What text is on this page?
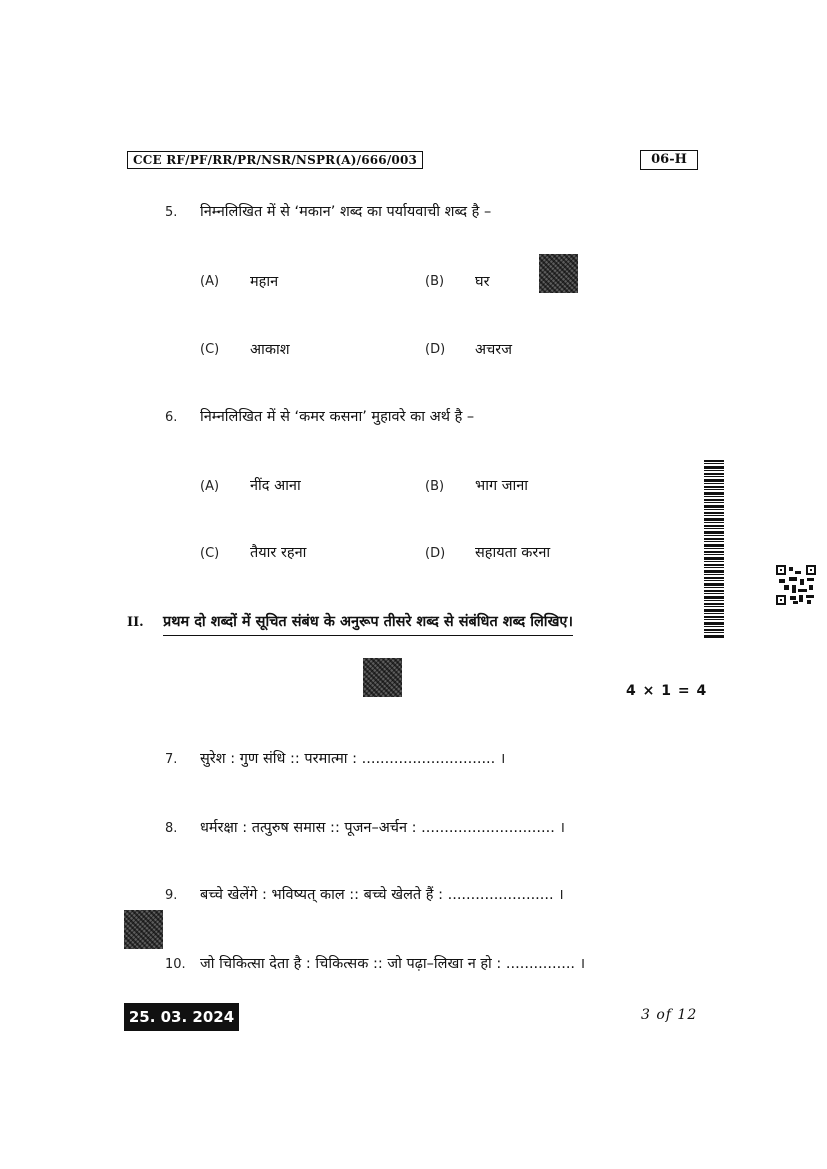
CCE RF/PF/RR/PR/NSR/NSPR(A)/666/003	06-H
5. निम्नलिखित में से ‘मकान’ शब्द का पर्यायवाची शब्द है –
(A) महान	(B) घर
(C) आकाश	(D) अचरज
6. निम्नलिखित में से ‘कमर कसना’ मुहावरे का अर्थ है –
(A) नींद आना	(B) भाग जाना
(C) तैयार रहना	(D) सहायता करना
II. प्रथम दो शब्दों में सूचित संबंध के अनुरूप तीसरे शब्द से संबंधित शब्द लिखिए।
4 × 1 = 4
7. सुरेश : गुण संधि :: परमात्मा : ............................. ।
8. धर्मरक्षा : तत्पुरुष समास :: पूजन–अर्चन : ............................. ।
9. बच्चे खेलेंगे : भविष्यत् काल :: बच्चे खेलते हैं : ....................... ।
10. जो चिकित्सा देता है : चिकित्सक :: जो पढ़ा–लिखा न हो : ............... ।
25. 03. 2024	3 of 12
